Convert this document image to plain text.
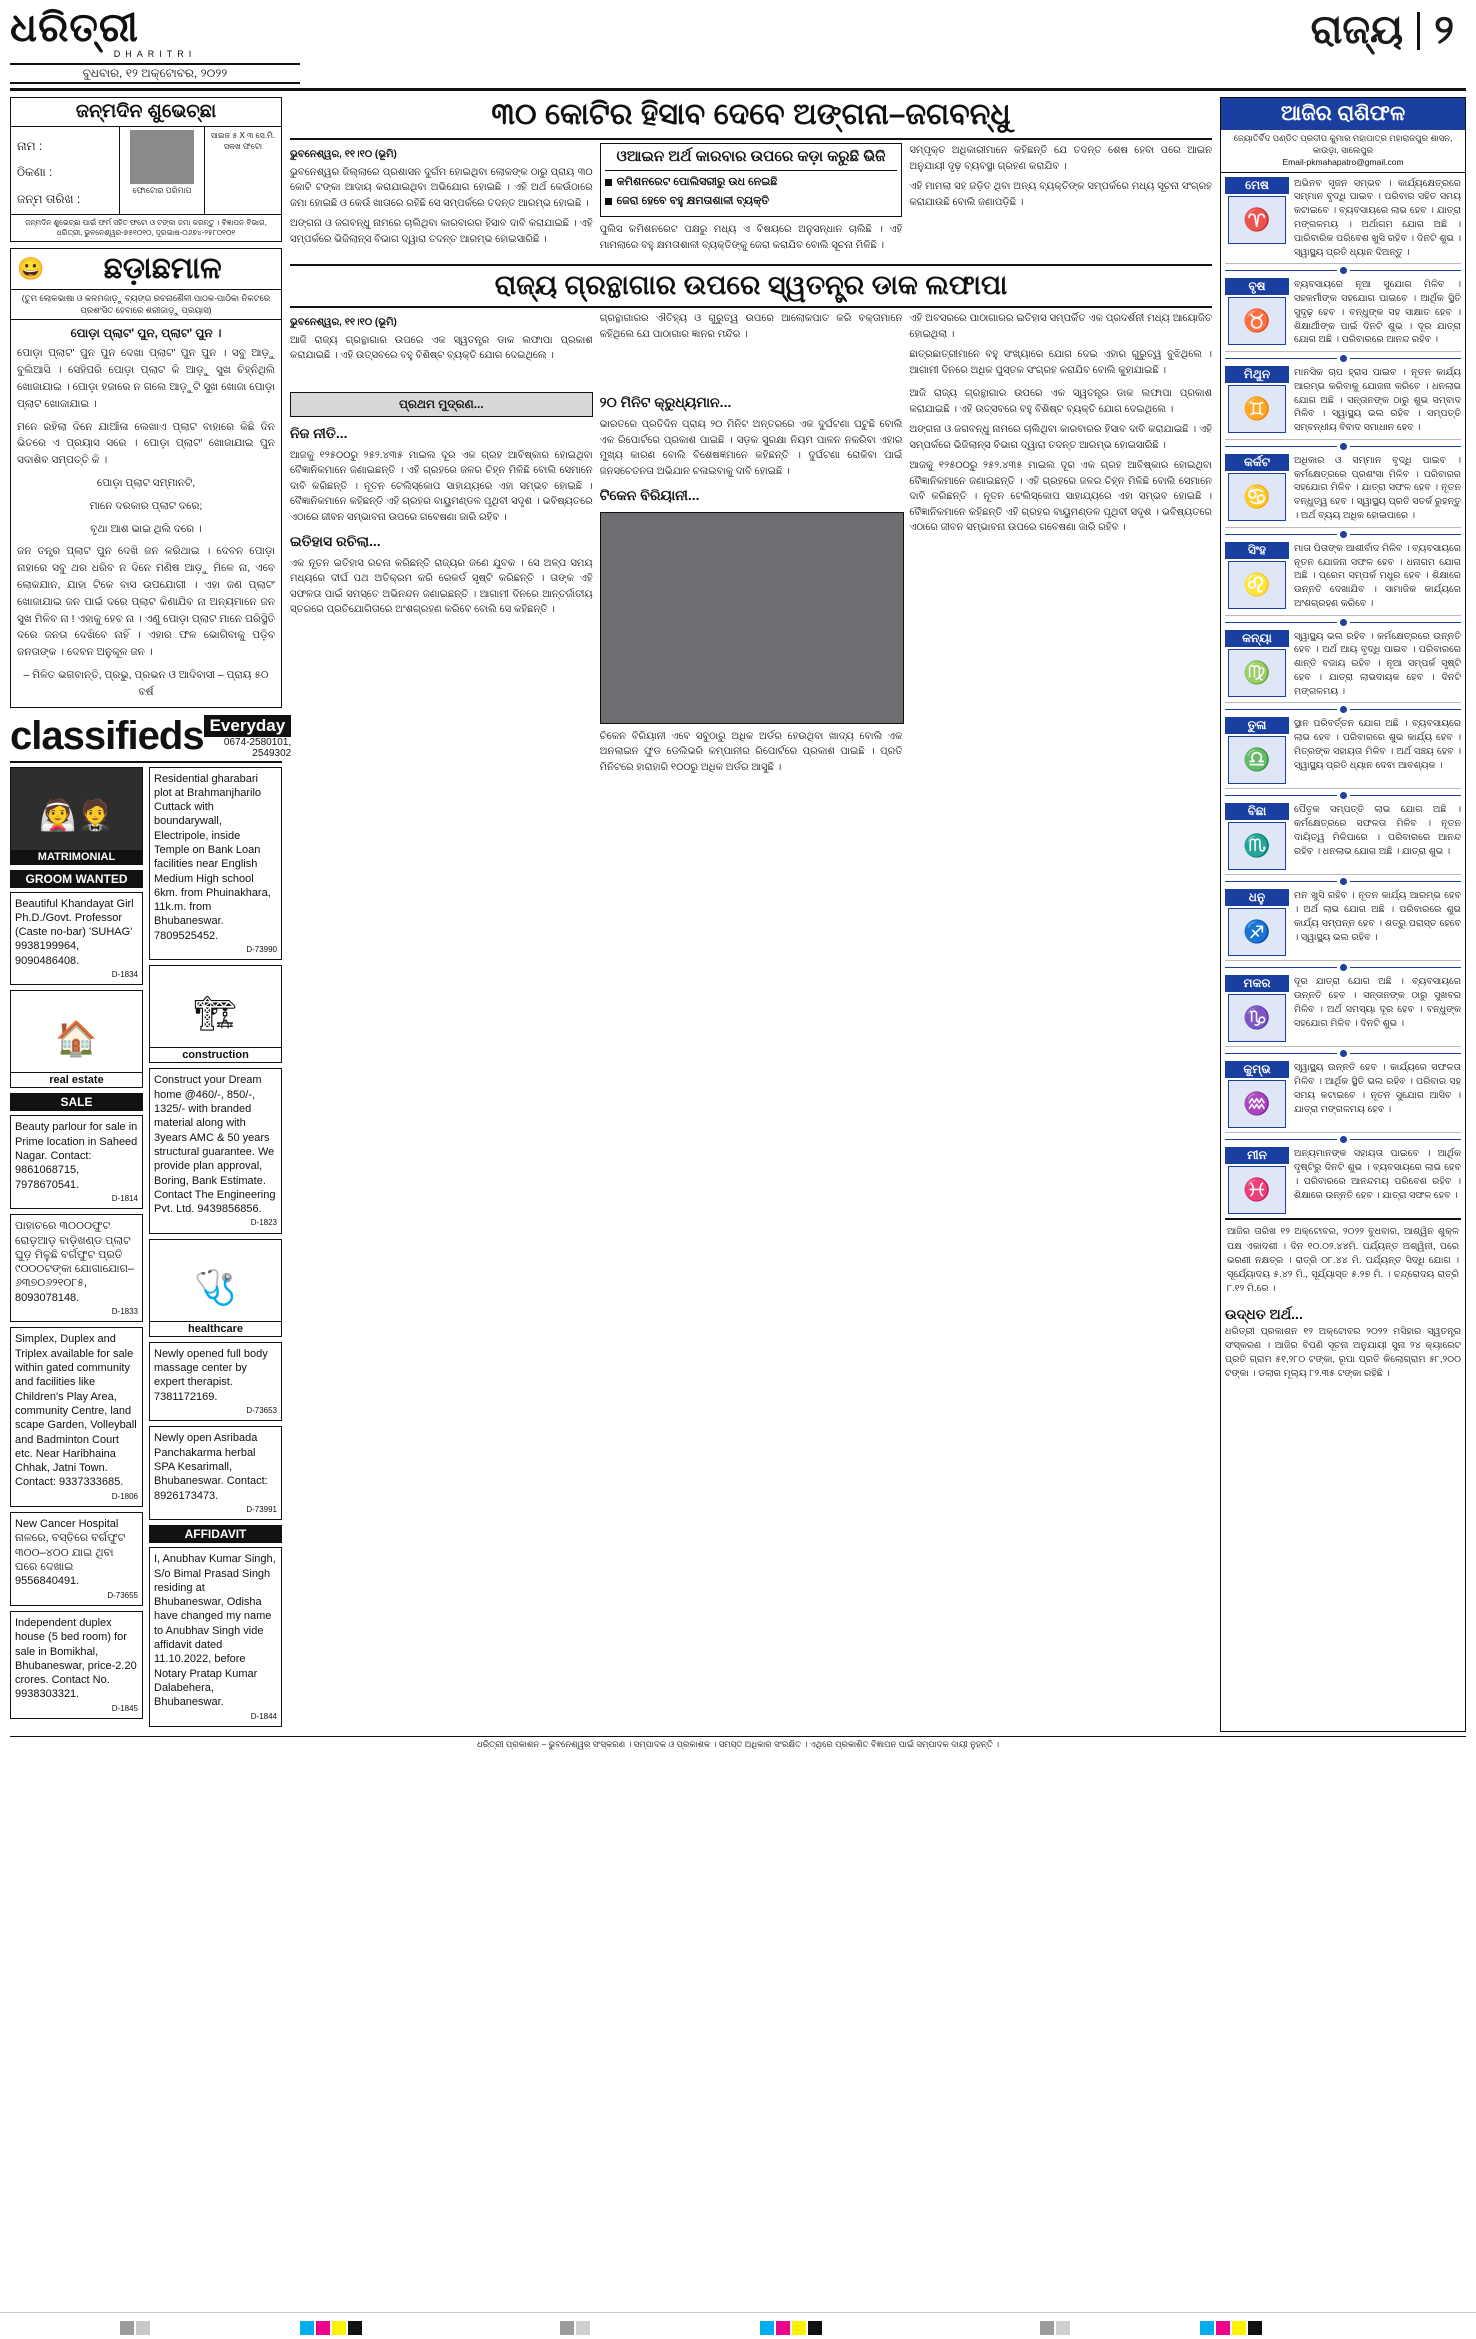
ଧରିତ୍ରୀ
DHARITRI
ବୁଧବାର, ୧୨ ଅକ୍ଟୋବର, ୨୦୨୨
ରାଜ୍ୟ ୨
ଜନ୍ମଦିନ ଶୁଭେଚ୍ଛା
ନାମ :
ଠିକଣା :
ଜନ୍ମ ତାରିଖ :
ଫୋଟୋର ପରିମାପ
ସାଇଜ ୫ X ୩ ସେ.ମି. ସଳଖ ଫଟୋ
ଜନ୍ମଦିନ ଶୁଭେଚ୍ଛା ପାଇଁ ଫର୍ମ ସହିତ ଫଟୋ ଓ ଟଙ୍କା ଜମା କରନ୍ତୁ । ବିଜ୍ଞାପନ ବିଭାଗ, ଧରିତ୍ରୀ, ଭୁବନେଶ୍ୱର-୭୫୧୦୧୦, ଦୂରଭାଷ-୦୬୭୪-୨୫୮୦୧୦୧
😀	ଛଡ଼ାଛମାଳ
(ତୁମ ଲୋକଭାଷା ଓ କଳମଜାଡ଼ୁ ବ୍ୟଙ୍ଗ ରଚନାଶୈଳୀ ପାଠକ-ପାଠିକା ନିକଟରେ ପ୍ରଶଂସିତ ହେବାରେ ଶରୀଜାଡ଼ୁ ପ୍ରୟାସ)
ପୋଡ଼ା ପ୍ଲାଟ' ପୁନ, ପ୍ଲାଟ' ପୁନ ।

ପୋଡ଼ା ପ୍ଲାଟ' ପୁନ ପୁନ ଦେଖା ପ୍ଲାଟ' ପୁନ ପୁନ । ସବୁ ଆଡ଼ୁ ବୁଲିଆସି । ସେହିପରି ପୋଡ଼ା ପ୍ଲାଟ କି ଆଡ଼ୁ ସୁଖ ଚିହ୍ନିଥିଲି ଖୋଜାଯାଇ । ପୋଡ଼ା ହଜାରେ ନ ଗଲେ ଆଡ଼ୁଟି ସୁଖ ଖୋଜା ପୋଡ଼ା ପ୍ଲାଟ ଖୋଜାଯାଇ ।

ମନେ ରହିଲା ଦିନେ ଯାଆଁଳା ଲେଖାଏ ପ୍ଲାଟ ବାହାରେ କିଛି ଦିନ ଭିତରେ ଏ ପ୍ରୟାସ ସରେ । ପୋଡ଼ା ପ୍ଲାଟ' ଖୋଜାଯାଇ ପୁନ ସଦାଶିବ ସମ୍ପତ୍ତି କି ।

ପୋଡ଼ା ପ୍ଲାଟ ସମ୍ମାନଟି,

ମାନେ ଦରକାର ପ୍ଲାଟ ଦରେ;

ବୃଥା ଆଶ ଭାଇ ଥିଲି ଦରେ ।

ଜନ ତନ୍ତ୍ର ପ୍ଲାଟ ପୁନ ଦେଖି ଜନ କରିଥାଇ । ଦେବନ ପୋଡ଼ା ନାହାରେ ସବୁ ଥର ଧରିବ ନ ଦିନେ ମଣିଷ ଆଡ଼ୁ ମିଳେ ନା, ଏବେ ଲୋକଯାନ, ଯାହା ଟିକେ ବାସ ଉପଯୋଗୀ । ଏହା ଜଣ ପ୍ଲାଟ' ଖୋଜାଯାଇ ଜନ ପାଇଁ ଦରେ ପ୍ଲାଟ କିଣାଯିବ ନା ଅନ୍ୟମାନେ ଜନ ସୁଖ ମିଳିବ ନା ! ଏହାକୁ ହେବ ନା । ଏଣୁ ପୋଡ଼ା ପ୍ଲାଟ ମାନେ ପରିସ୍ଥିତି ଦରେ ଜନତା ଦେଖିବେ ନାହିଁ । ଏହାର ଫଳ ଭୋଗିବାକୁ ପଡ଼ିବ ଜନତାଙ୍କ । ଦେବନ ଅନୁକୂଳ ଜନ ।

– ମିଳିତ ଭଗବାନ୍ତି, ପ୍ରଭୁ, ପ୍ରଭନ ଓ ଆଦିବାସୀ – ପ୍ରାୟ ୫୦ ବର୍ଷ

classifieds Everyday
0674-2580101, 2549302
👰🤵
MATRIMONIAL
GROOM WANTED
Beautiful Khandayat Girl Ph.D./Govt. Professor (Caste no-bar) 'SUHAG' 9938199964, 9090486408.
D-1834
🏠
real estate
SALE
Beauty parlour for sale in Prime location in Saheed Nagar. Contact: 9861068715, 7978670541.
D-1814
ପାହାଚରେ ୩୦୦୦ଫୁଟ ରୋଡ଼ଆଡ଼ ବାଡ଼ିଖଣ୍ଡ ପ୍ଲାଟ ଘୁଡ଼ ମିଳୁଛି ବର୍ଗଫୁଟ ପ୍ରତି ୯୦୦୦ଟଙ୍କା ଯୋଗାଯୋଗ– ୬୩୭୦୬୨୧୦୮୫, 8093078148.
D-1833
Simplex, Duplex and Triplex available for sale within gated community and facilities like Children's Play Area, community Centre, land scape Garden, Volleyball and Badminton Court etc. Near Haribhaina Chhak, Jatni Town. Contact: 9337333685.
D-1806
New Cancer Hospital ନାଳରେ, ବସ୍ତିରେ ବର୍ଗଫୁଟ ୩୦୦–୪୦୦ ଯାଇ ଥିବା ଘରେ ଦେଖାଇ 9556840491.
D-73655
Independent duplex house (5 bed room) for sale in Bomikhal, Bhubaneswar, price-2.20 crores. Contact No. 9938303321.
D-1845
Residential gharabari plot at Brahmanjharilo Cuttack with boundarywall, Electripole, inside Temple on Bank Loan facilities near English Medium High school 6km. from Phuinakhara, 11k.m. from Bhubaneswar. 7809525452.
D-73990
🏗
construction
Construct your Dream home @460/-, 850/-, 1325/- with branded material along with 3years AMC & 50 years structural guarantee. We provide plan approval, Boring, Bank Estimate. Contact The Engineering Pvt. Ltd. 9439856856.
D-1823
🩺
healthcare
Newly opened full body massage center by expert therapist. 7381172169.
D-73653
Newly open Asribada Panchakarma herbal SPA Kesarimall, Bhubaneswar. Contact: 8926173473.
D-73991
AFFIDAVIT
I, Anubhav Kumar Singh, S/o Bimal Prasad Singh residing at Bhubaneswar, Odisha have changed my name to Anubhav Singh vide affidavit dated 11.10.2022, before Notary Pratap Kumar Dalabehera, Bhubaneswar.
D-1844
୩୦ କୋଟିର ହିସାବ ଦେବେ ଅଙ୍ଗନା–ଜଗବନ୍ଧୁ
ଭୁବନେଶ୍ୱର, ୧୧।୧୦ (ଭୂମି)

ଭୁବନେଶ୍ୱର ଜିଲ୍ଲାରେ ପ୍ରଶାସନ ଦୁର୍ଗମ ହୋଇଥିବା ଲୋକଙ୍କ ଠାରୁ ପ୍ରାୟ ୩୦ କୋଟି ଟଙ୍କା ଆଦାୟ କରାଯାଇଥିବା ଅଭିଯୋଗ ହୋଇଛି । ଏହି ଅର୍ଥ କେଉଁଠାରେ ଜମା ହୋଇଛି ଓ କେଉଁ ଖାତାରେ ରହିଛି ସେ ସମ୍ପର୍କରେ ତଦନ୍ତ ଆରମ୍ଭ ହୋଇଛି ।

ଅଙ୍ଗନା ଓ ଜଗବନ୍ଧୁ ନାମରେ ଚାଲିଥିବା କାରବାରର ହିସାବ ଦାବି କରାଯାଇଛି । ଏହି ସମ୍ପର୍କରେ ଭିଜିଲାନ୍ସ ବିଭାଗ ଦ୍ୱାରା ତଦନ୍ତ ଆରମ୍ଭ ହୋଇସାରିଛି ।

ଓଆଇନ ଅର୍ଥ କାରବାର ଉପରେ କଡ଼ା କରୁଛି ଭିଜି
କମିଶନରେଟ ପୋଲିସରୀରୁ ଉଧ ନେଇଛି
ଜେରା ହେବେ ବହୁ କ୍ଷମତାଶାଳୀ ବ୍ୟକ୍ତି

ପୁଲିସ କମିଶନରେଟ ପକ୍ଷରୁ ମଧ୍ୟ ଏ ବିଷୟରେ ଅନୁସନ୍ଧାନ ଚାଲିଛି । ଏହି ମାମଲାରେ ବହୁ କ୍ଷମତାଶାଳୀ ବ୍ୟକ୍ତିଙ୍କୁ ଜେରା କରାଯିବ ବୋଲି ସୂଚନା ମିଳିଛି ।

ସମ୍ପୃକ୍ତ ଅଧିକାରୀମାନେ କହିଛନ୍ତି ଯେ ତଦନ୍ତ ଶେଷ ହେବା ପରେ ଆଇନ ଅନୁଯାୟୀ ଦୃଢ଼ ବ୍ୟବସ୍ଥା ଗ୍ରହଣ କରାଯିବ ।

ଏହି ମାମଲା ସହ ଜଡ଼ିତ ଥିବା ଅନ୍ୟ ବ୍ୟକ୍ତିଙ୍କ ସମ୍ପର୍କରେ ମଧ୍ୟ ସୂଚନା ସଂଗ୍ରହ କରାଯାଉଛି ବୋଲି ଜଣାପଡ଼ିଛି ।

ରାଜ୍ୟ ଗ୍ରନ୍ଥାଗାର ଉପରେ ସ୍ୱତନ୍ତ୍ର ଡାକ ଲଫାପା
ଭୁବନେଶ୍ୱର, ୧୧।୧୦ (ଭୂମି)

ଆଜି ରାଜ୍ୟ ଗ୍ରନ୍ଥାଗାର ଉପରେ ଏକ ସ୍ୱତନ୍ତ୍ର ଡାକ ଲଫାପା ପ୍ରକାଶ କରାଯାଇଛି । ଏହି ଉତ୍ସବରେ ବହୁ ବିଶିଷ୍ଟ ବ୍ୟକ୍ତି ଯୋଗ ଦେଇଥିଲେ ।

ଗ୍ରନ୍ଥାଗାରର ଐତିହ୍ୟ ଓ ଗୁରୁତ୍ୱ ଉପରେ ଆଲୋକପାତ କରି ବକ୍ତାମାନେ କହିଥିଲେ ଯେ ପାଠାଗାର ଜ୍ଞାନର ମନ୍ଦିର ।

ଏହି ଅବସରରେ ପାଠାଗାରର ଇତିହାସ ସମ୍ପର୍କିତ ଏକ ପ୍ରଦର୍ଶନୀ ମଧ୍ୟ ଆୟୋଜିତ ହୋଇଥିଲା ।

ଛାତ୍ରଛାତ୍ରୀମାନେ ବହୁ ସଂଖ୍ୟାରେ ଯୋଗ ଦେଇ ଏହାର ଗୁରୁତ୍ୱ ବୁଝିଥିଲେ । ଆଗାମୀ ଦିନରେ ଅଧିକ ପୁସ୍ତକ ସଂଗ୍ରହ କରାଯିବ ବୋଲି କୁହାଯାଇଛି ।

ପ୍ରଥମ ମୁଦ୍ରଣ...
ନିଜ ନୀତି...

ଆଜକୁ ୧୨୫୦୦ରୁ ୨୫୨.୪୩୫ ମାଇଲ ଦୂର ଏକ ଗ୍ରହ ଆବିଷ୍କାର ହୋଇଥିବା ବୈଜ୍ଞାନିକମାନେ ଜଣାଇଛନ୍ତି । ଏହି ଗ୍ରହରେ ଜଳର ଚିହ୍ନ ମିଳିଛି ବୋଲି ସେମାନେ ଦାବି କରିଛନ୍ତି । ନୂତନ ଟେଲିସ୍କୋପ ସାହାଯ୍ୟରେ ଏହା ସମ୍ଭବ ହୋଇଛି । ବୈଜ୍ଞାନିକମାନେ କହିଛନ୍ତି ଏହି ଗ୍ରହର ବାୟୁମଣ୍ଡଳ ପୃଥିବୀ ସଦୃଶ । ଭବିଷ୍ୟତରେ ଏଠାରେ ଜୀବନ ସମ୍ଭାବନା ଉପରେ ଗବେଷଣା ଜାରି ରହିବ ।

ଇତିହାସ ରଚିଲା...

ଏକ ନୂତନ ଇତିହାସ ରଚନା କରିଛନ୍ତି ରାଜ୍ୟର ଜଣେ ଯୁବକ । ସେ ଅଳ୍ପ ସମୟ ମଧ୍ୟରେ ଦୀର୍ଘ ପଥ ଅତିକ୍ରମ କରି ରେକର୍ଡ ସୃଷ୍ଟି କରିଛନ୍ତି । ତାଙ୍କ ଏହି ସଫଳତା ପାଇଁ ସମସ୍ତେ ଅଭିନନ୍ଦନ ଜଣାଇଛନ୍ତି । ଆଗାମୀ ଦିନରେ ଆନ୍ତର୍ଜାତୀୟ ସ୍ତରରେ ପ୍ରତିଯୋଗିତାରେ ଅଂଶଗ୍ରହଣ କରିବେ ବୋଲି ସେ କହିଛନ୍ତି ।

୨୦ ମିନିଟ କ୍ରୁଧ୍ୟମାନ...

ଭାରତରେ ପ୍ରତିଦିନ ପ୍ରାୟ ୨୦ ମିନିଟ ଅନ୍ତରରେ ଏକ ଦୁର୍ଘଟଣା ଘଟୁଛି ବୋଲି ଏକ ରିପୋର୍ଟରେ ପ୍ରକାଶ ପାଇଛି । ସଡ଼କ ସୁରକ୍ଷା ନିୟମ ପାଳନ ନକରିବା ଏହାର ମୁଖ୍ୟ କାରଣ ବୋଲି ବିଶେଷଜ୍ଞମାନେ କହିଛନ୍ତି । ଦୁର୍ଘଟଣା ରୋକିବା ପାଇଁ ଜନସଚେତନତା ଅଭିଯାନ ଚଳାଇବାକୁ ଦାବି ହୋଇଛି ।

ଟିକେନ ବିରିୟାନୀ...

ଚିକେନ ବିରିୟାନୀ ଏବେ ସବୁଠାରୁ ଅଧିକ ଅର୍ଡର ହେଉଥିବା ଖାଦ୍ୟ ବୋଲି ଏକ ଅନଲାଇନ ଫୁଡ ଡେଲିଭରି କମ୍ପାନୀର ରିପୋର୍ଟରେ ପ୍ରକାଶ ପାଇଛି । ପ୍ରତି ମିନିଟରେ ହାରାହାରି ୧୦୦ରୁ ଅଧିକ ଅର୍ଡର ଆସୁଛି ।

ଆଜି ରାଜ୍ୟ ଗ୍ରନ୍ଥାଗାର ଉପରେ ଏକ ସ୍ୱତନ୍ତ୍ର ଡାକ ଲଫାପା ପ୍ରକାଶ କରାଯାଇଛି । ଏହି ଉତ୍ସବରେ ବହୁ ବିଶିଷ୍ଟ ବ୍ୟକ୍ତି ଯୋଗ ଦେଇଥିଲେ ।

ଅଙ୍ଗନା ଓ ଜଗବନ୍ଧୁ ନାମରେ ଚାଲିଥିବା କାରବାରର ହିସାବ ଦାବି କରାଯାଇଛି । ଏହି ସମ୍ପର୍କରେ ଭିଜିଲାନ୍ସ ବିଭାଗ ଦ୍ୱାରା ତଦନ୍ତ ଆରମ୍ଭ ହୋଇସାରିଛି ।

ଆଜକୁ ୧୨୫୦୦ରୁ ୨୫୨.୪୩୫ ମାଇଲ ଦୂର ଏକ ଗ୍ରହ ଆବିଷ୍କାର ହୋଇଥିବା ବୈଜ୍ଞାନିକମାନେ ଜଣାଇଛନ୍ତି । ଏହି ଗ୍ରହରେ ଜଳର ଚିହ୍ନ ମିଳିଛି ବୋଲି ସେମାନେ ଦାବି କରିଛନ୍ତି । ନୂତନ ଟେଲିସ୍କୋପ ସାହାଯ୍ୟରେ ଏହା ସମ୍ଭବ ହୋଇଛି । ବୈଜ୍ଞାନିକମାନେ କହିଛନ୍ତି ଏହି ଗ୍ରହର ବାୟୁମଣ୍ଡଳ ପୃଥିବୀ ସଦୃଶ । ଭବିଷ୍ୟତରେ ଏଠାରେ ଜୀବନ ସମ୍ଭାବନା ଉପରେ ଗବେଷଣା ଜାରି ରହିବ ।

ଆଜିର ରାଶିଫଳ
ଜ୍ୟୋତିର୍ବିଦ ପଣ୍ଡିତ ପ୍ରଦୀପ କୁମାର ମହାପାତ୍ର ମହାରାଜପୁର ଶାସନ, କାଉଡ଼ା, ସାଲେପୁର
Email-pkmahapatro@gmail.com
ମେଷ
♈
ଅଭିନବ ସୃଜନ ସମ୍ଭବ । କାର୍ଯ୍ୟକ୍ଷେତ୍ରରେ ସମ୍ମାନ ବୃଦ୍ଧି ପାଇବ । ପରିବାର ସହିତ ସମୟ କଟାଇବେ । ବ୍ୟବସାୟରେ ଲାଭ ହେବ । ଯାତ୍ରା ମଙ୍ଗଳମୟ । ଅର୍ଥାଗମ ଯୋଗ ଅଛି । ପାରିବାରିକ ପରିବେଶ ଖୁସି ରହିବ । ଦିନଟି ଶୁଭ । ସ୍ୱାସ୍ଥ୍ୟ ପ୍ରତି ଧ୍ୟାନ ଦିଅନ୍ତୁ ।
ବୃଷ
♉
ବ୍ୟବସାୟରେ ନୂଆ ସୁଯୋଗ ମିଳିବ । ସହକର୍ମୀଙ୍କ ସହଯୋଗ ପାଇବେ । ଆର୍ଥିକ ସ୍ଥିତି ସୁଦୃଢ଼ ହେବ । ବନ୍ଧୁଙ୍କ ସହ ସାକ୍ଷାତ ହେବ । ଶିକ୍ଷାର୍ଥୀଙ୍କ ପାଇଁ ଦିନଟି ଶୁଭ । ଦୂର ଯାତ୍ରା ଯୋଗ ଅଛି । ପରିବାରରେ ଆନନ୍ଦ ରହିବ ।
ମିଥୁନ
♊
ମାନସିକ ଚାପ ହ୍ରାସ ପାଇବ । ନୂତନ କାର୍ଯ୍ୟ ଆରମ୍ଭ କରିବାକୁ ଯୋଜନା କରିବେ । ଧନଲାଭ ଯୋଗ ଅଛି । ସନ୍ତାନଙ୍କ ଠାରୁ ଶୁଭ ସମ୍ବାଦ ମିଳିବ । ସ୍ୱାସ୍ଥ୍ୟ ଭଲ ରହିବ । ସମ୍ପତ୍ତି ସମ୍ବନ୍ଧୀୟ ବିବାଦ ସମାଧାନ ହେବ ।
କର୍କଟ
♋
ଅଧିକାର ଓ ସମ୍ମାନ ବୃଦ୍ଧି ପାଇବ । କର୍ମକ୍ଷେତ୍ରରେ ପ୍ରଶଂସା ମିଳିବ । ପରିବାରର ସହଯୋଗ ମିଳିବ । ଯାତ୍ରା ସଫଳ ହେବ । ନୂତନ ବନ୍ଧୁତ୍ୱ ହେବ । ସ୍ୱାସ୍ଥ୍ୟ ପ୍ରତି ସତର୍କ ରୁହନ୍ତୁ । ଅର୍ଥ ବ୍ୟୟ ଅଧିକ ହୋଇପାରେ ।
ସିଂହ
♌
ମାତା ପିତାଙ୍କ ଆଶୀର୍ବାଦ ମିଳିବ । ବ୍ୟବସାୟରେ ନୂତନ ଯୋଜନା ସଫଳ ହେବ । ଧନାଗମ ଯୋଗ ଅଛି । ପ୍ରେମ ସମ୍ପର୍କ ମଧୁର ହେବ । ଶିକ୍ଷାରେ ଉନ୍ନତି ଦେଖାଯିବ । ସାମାଜିକ କାର୍ଯ୍ୟରେ ଅଂଶଗ୍ରହଣ କରିବେ ।
କନ୍ୟା
♍
ସ୍ୱାସ୍ଥ୍ୟ ଭଲ ରହିବ । କର୍ମକ୍ଷେତ୍ରରେ ଉନ୍ନତି ହେବ । ଅର୍ଥ ଆୟ ବୃଦ୍ଧି ପାଇବ । ପରିବାରରେ ଶାନ୍ତି ବଜାୟ ରହିବ । ନୂଆ ସମ୍ପର୍କ ସୃଷ୍ଟି ହେବ । ଯାତ୍ରା ଲାଭଦାୟକ ହେବ । ଦିନଟି ମଙ୍ଗଳମୟ ।
ତୁଳା
♎
ସ୍ଥାନ ପରିବର୍ତ୍ତନ ଯୋଗ ଅଛି । ବ୍ୟବସାୟରେ ଲାଭ ହେବ । ପରିବାରରେ ଶୁଭ କାର୍ଯ୍ୟ ହେବ । ମିତ୍ରଙ୍କ ସହାୟତା ମିଳିବ । ଅର୍ଥ ସଞ୍ଚୟ ହେବ । ସ୍ୱାସ୍ଥ୍ୟ ପ୍ରତି ଧ୍ୟାନ ଦେବା ଆବଶ୍ୟକ ।
ବିଛା
♏
ପୈତୃକ ସମ୍ପତ୍ତି ଲାଭ ଯୋଗ ଅଛି । କର୍ମକ୍ଷେତ୍ରରେ ସଫଳତା ମିଳିବ । ନୂତନ ଦାୟିତ୍ୱ ମିଳିପାରେ । ପରିବାରରେ ଆନନ୍ଦ ରହିବ । ଧନଲାଭ ଯୋଗ ଅଛି । ଯାତ୍ରା ଶୁଭ ।
ଧନୁ
♐
ମନ ଖୁସି ରହିବ । ନୂତନ କାର୍ଯ୍ୟ ଆରମ୍ଭ ହେବ । ଅର୍ଥ ଲାଭ ଯୋଗ ଅଛି । ପରିବାରରେ ଶୁଭ କାର୍ଯ୍ୟ ସମ୍ପନ୍ନ ହେବ । ଶତ୍ରୁ ପରାସ୍ତ ହେବେ । ସ୍ୱାସ୍ଥ୍ୟ ଭଲ ରହିବ ।
ମକର
♑
ଦୂର ଯାତ୍ରା ଯୋଗ ଅଛି । ବ୍ୟବସାୟରେ ଉନ୍ନତି ହେବ । ସନ୍ତାନଙ୍କ ଠାରୁ ସୁଖବର ମିଳିବ । ଅର୍ଥ ସମସ୍ୟା ଦୂର ହେବ । ବନ୍ଧୁଙ୍କ ସହଯୋଗ ମିଳିବ । ଦିନଟି ଶୁଭ ।
କୁମ୍ଭ
♒
ସ୍ୱାସ୍ଥ୍ୟ ଉନ୍ନତି ହେବ । କାର୍ଯ୍ୟରେ ସଫଳତା ମିଳିବ । ଆର୍ଥିକ ସ୍ଥିତି ଭଲ ରହିବ । ପରିବାର ସହ ସମୟ କଟାଇବେ । ନୂତନ ସୁଯୋଗ ଆସିବ । ଯାତ୍ରା ମଙ୍ଗଳମୟ ହେବ ।
ମୀନ
♓
ଅନ୍ୟମାନଙ୍କ ସହାୟତା ପାଇବେ । ଆର୍ଥିକ ଦୃଷ୍ଟିରୁ ଦିନଟି ଶୁଭ । ବ୍ୟବସାୟରେ ଲାଭ ହେବ । ପରିବାରରେ ଆନନ୍ଦମୟ ପରିବେଶ ରହିବ । ଶିକ୍ଷାରେ ଉନ୍ନତି ହେବ । ଯାତ୍ରା ସଫଳ ହେବ ।
ଆଜିର ତାରିଖ ୧୨ ଅକ୍ଟୋବର, ୨୦୨୨ ବୁଧବାର, ଆଶ୍ୱିନ ଶୁକ୍ଳ ପକ୍ଷ ଏକାଦଶୀ । ଦିନ ୧୦.୦୨.୪୪ମି. ପର୍ଯ୍ୟନ୍ତ ଅଶ୍ୱିନୀ, ପରେ ଭରଣୀ ନକ୍ଷତ୍ର । ରାତ୍ରି ୦୮.୪୪ ମି. ପର୍ଯ୍ୟନ୍ତ ସିଦ୍ଧି ଯୋଗ । ସୂର୍ଯ୍ୟୋଦୟ ୫.୪୨ ମି., ସୂର୍ଯ୍ୟାସ୍ତ ୫.୨୭ ମି. । ଚନ୍ଦ୍ରୋଦୟ ରାତ୍ରି ୮.୧୨ ମି.ରେ ।
ଉଦ୍ଧତ ଅର୍ଥ...
ଧରିତ୍ରୀ ପ୍ରକାଶନ ୧୨ ଅକ୍ଟୋବର ୨୦୨୨ ମସିହାର ସ୍ୱତନ୍ତ୍ର ସଂସ୍କରଣ । ଆଜିର ବିପଣି ସୂଚନା ଅନୁଯାୟୀ ସୁନା ୨୪ କ୍ୟାରେଟ ପ୍ରତି ଗ୍ରାମ ୫୧,୨୮୦ ଟଙ୍କା, ରୂପା ପ୍ରତି କିଲୋଗ୍ରାମ ୫୮,୨୦୦ ଟଙ୍କା । ଡଲାର ମୂଲ୍ୟ ୮୨.୩୫ ଟଙ୍କା ରହିଛି ।
ଧରିତ୍ରୀ ପ୍ରକାଶନ – ଭୁବନେଶ୍ୱର ସଂସ୍କରଣ । ସମ୍ପାଦକ ଓ ପ୍ରକାଶକ । ସମସ୍ତ ଅଧିକାର ସଂରକ୍ଷିତ । ଏଥିରେ ପ୍ରକାଶିତ ବିଜ୍ଞାପନ ପାଇଁ ସମ୍ପାଦକ ଦାୟୀ ନୁହନ୍ତି ।
